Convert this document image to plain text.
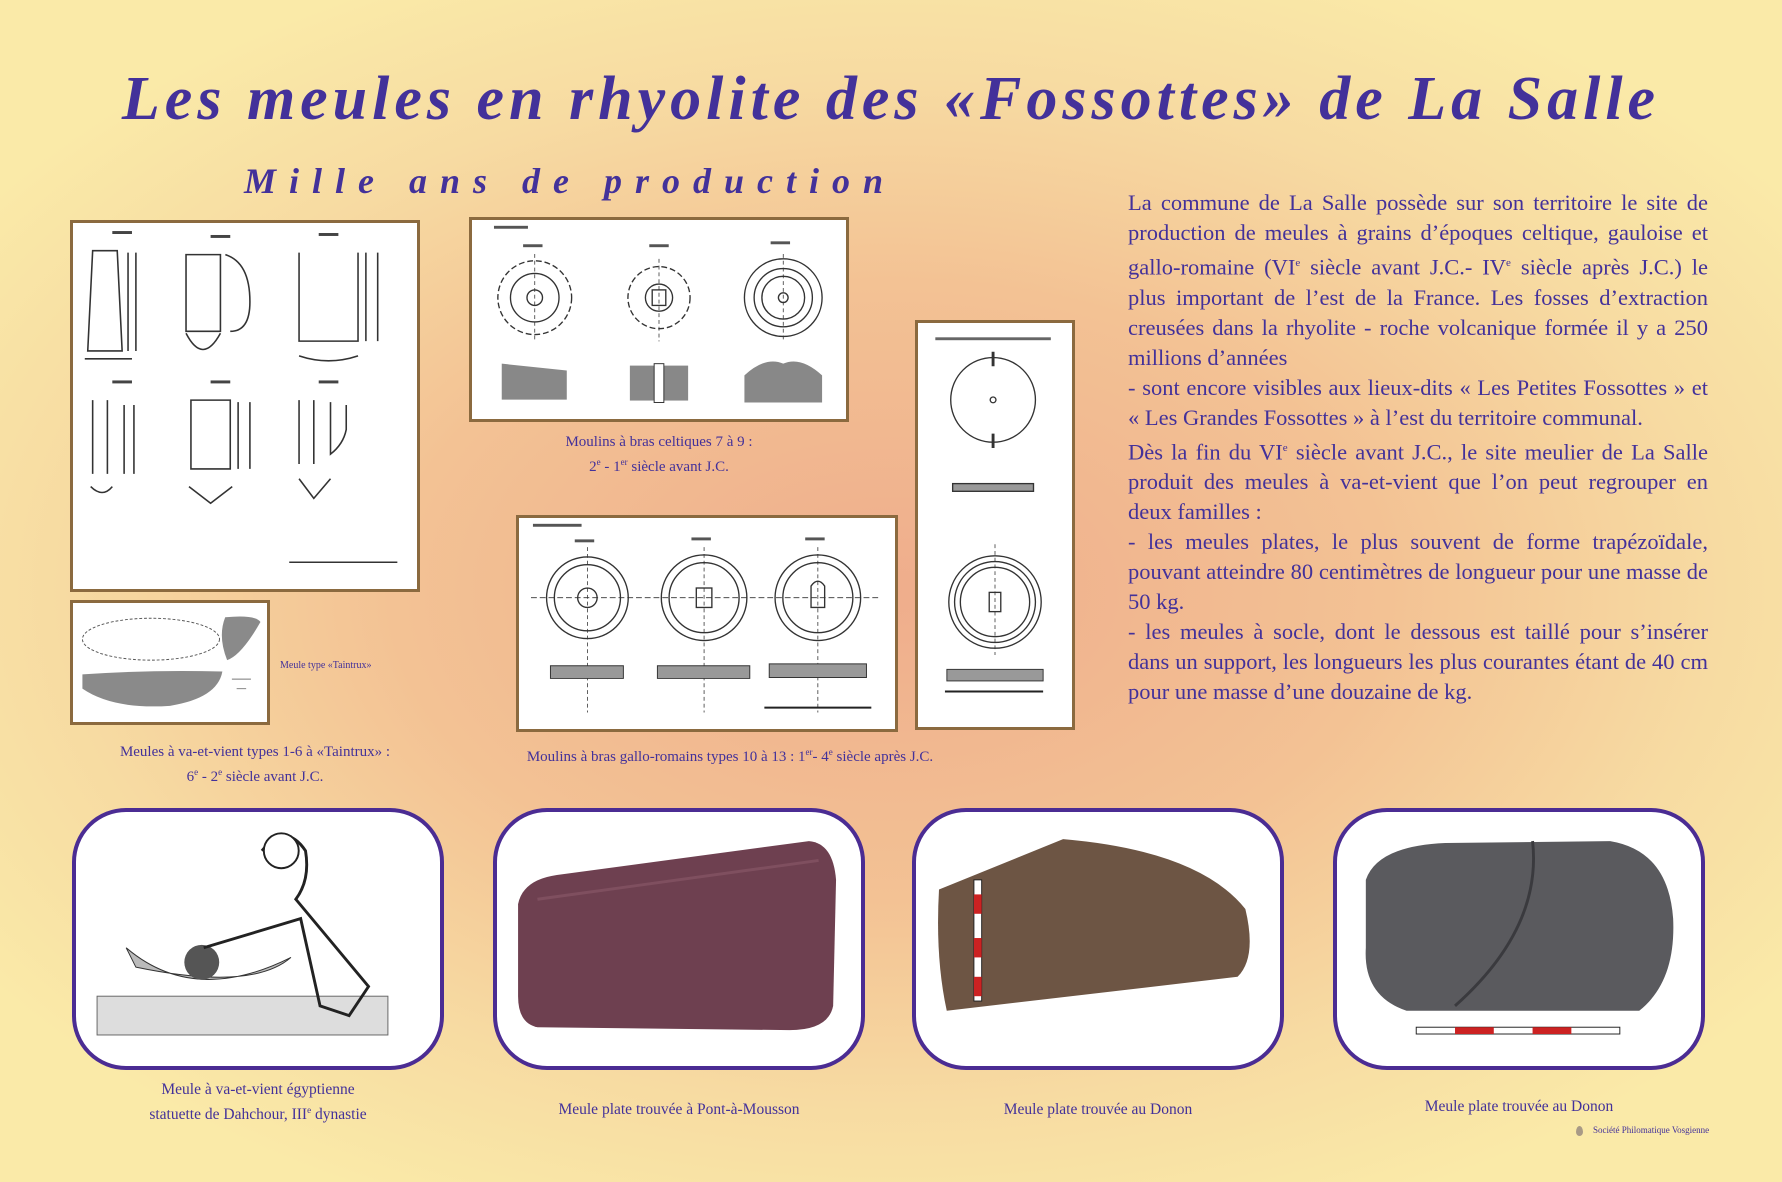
Les meules en rhyolite des «Fossottes» de La Salle
Mille ans de production
Meule type «Taintrux»
Meules à va-et-vient types 1-6 à «Taintrux» :
6e - 2e siècle avant J.C.
Moulins à bras celtiques 7 à 9 :
2e - 1er siècle avant J.C.
Moulins à bras gallo-romains types 10 à 13 : 1er- 4e siècle après J.C.

La commune de La Salle possède sur son territoire le site de production de meules à grains d’époques celtique, gauloise et gallo-romaine (VIe siècle avant J.C.- IVe siècle après J.C.) le plus important de l’est de la France. Les fosses d’extraction creusées dans la rhyolite - roche volcanique formée il y a 250 millions d’années

- sont encore visibles aux lieux-dits « Les Petites Fossottes » et « Les Grandes Fossottes » à l’est du territoire communal.

Dès la fin du VIe siècle avant J.C., le site meulier de La Salle produit des meules à va-et-vient que l’on peut regrouper en deux familles :

- les meules plates, le plus souvent de forme trapézoïdale, pouvant atteindre 80 centimètres de longueur pour une masse de 50 kg.

- les meules à socle, dont le dessous est taillé pour s’insérer dans un support, les longueurs les plus courantes étant de 40 cm pour une masse d’une douzaine de kg.

Meule à va-et-vient égyptienne
statuette de Dahchour, IIIe dynastie	Meule plate trouvée à Pont-à-Mousson	Meule plate trouvée au Donon	Meule plate trouvée au Donon
Société Philomatique Vosgienne
